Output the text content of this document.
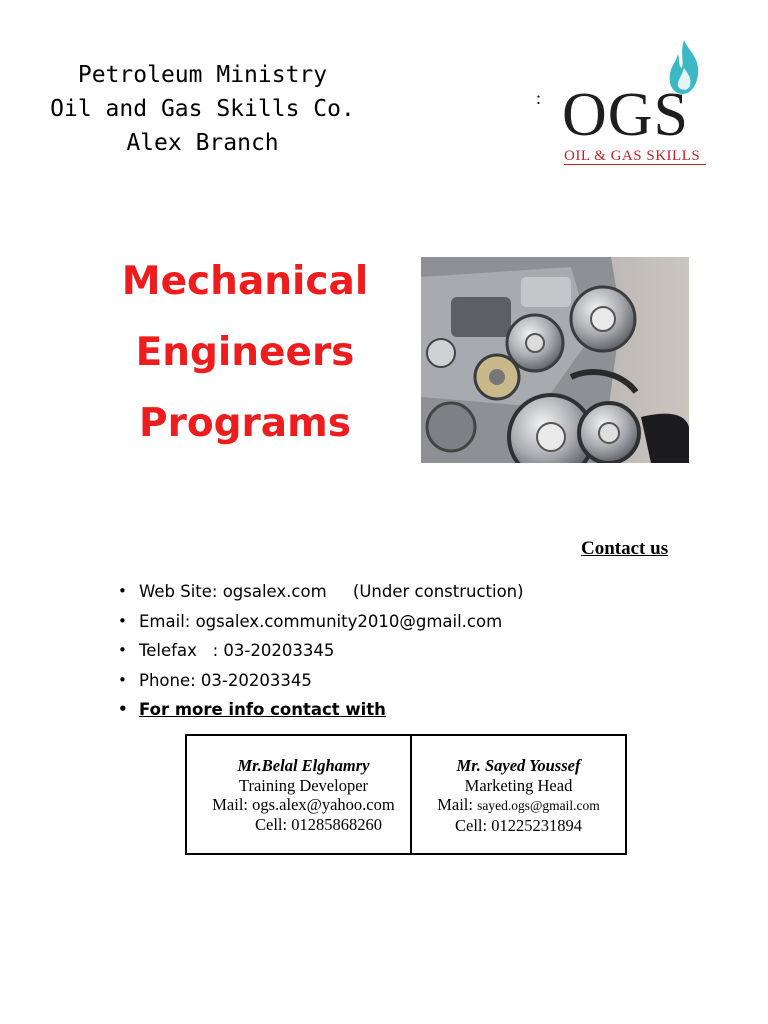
Petroleum Ministry
Oil and Gas Skills Co.
Alex Branch
: OGS
OIL & GAS SKILLS
Mechanical
Engineers
Programs
Contact us
• Web Site: ogsalex.com     (Under construction)
• Email: ogsalex.community2010@gmail.com
• Telefax   : 03-20203345
• Phone: 03-20203345
• For more info contact with
Mr.Belal Elghamry
Training Developer
Mail: ogs.alex@yahoo.com
Cell: 01285868260
Mr. Sayed Youssef
Marketing Head
Mail: sayed.ogs@gmail.com
Cell: 01225231894
